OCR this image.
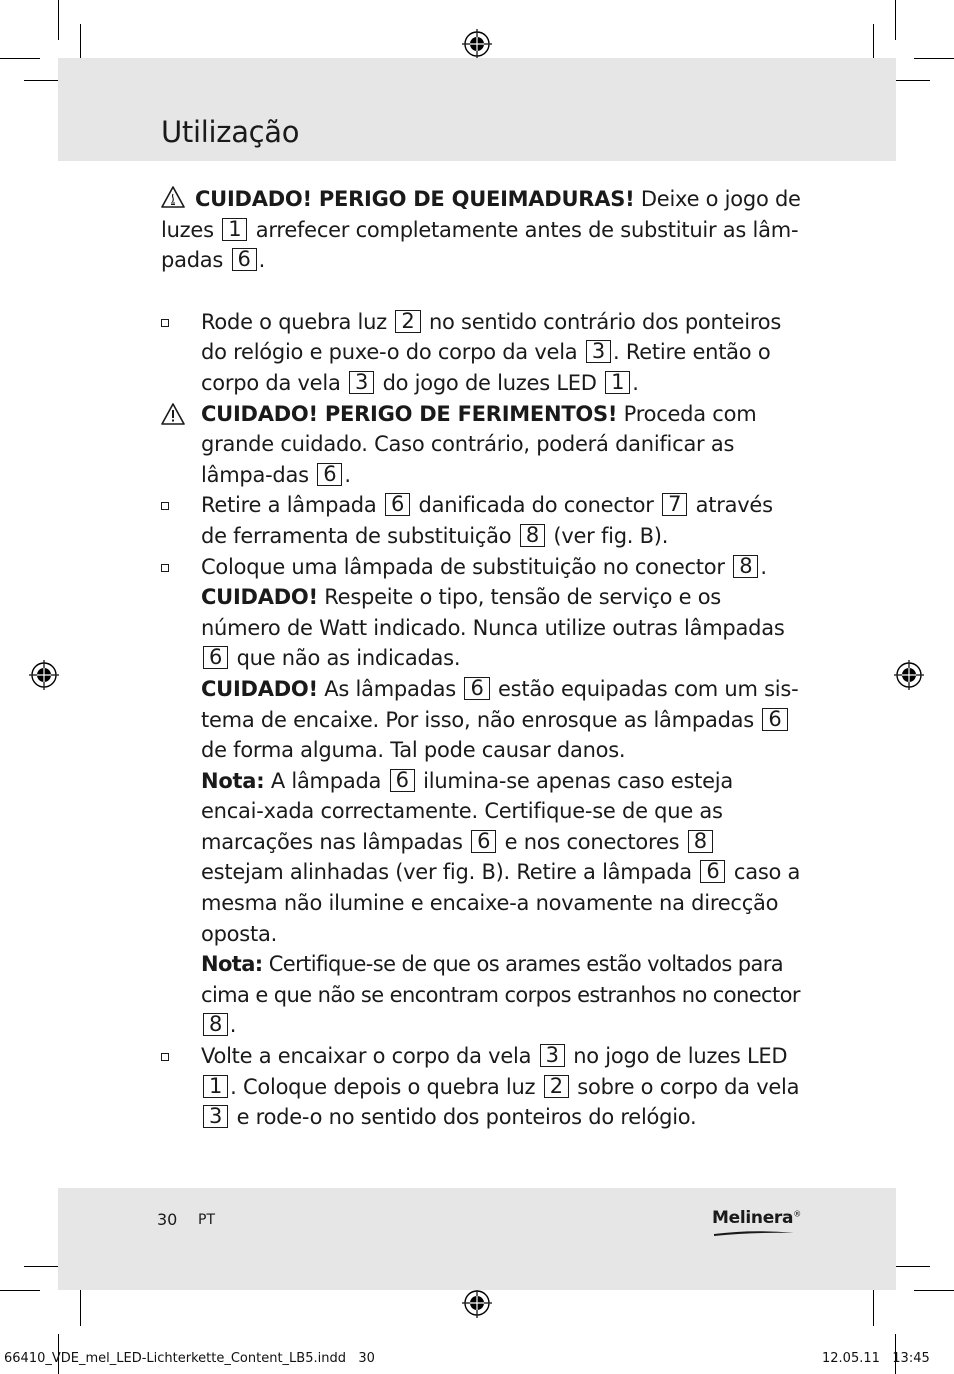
Utilização

CUIDADO! PERIGO DE QUEIMADURAS! Deixe o jogo de luzes 1 arrefecer completamente antes de substituir as lâm-padas 6 .

Rode o quebra luz 2 no sentido contrário dos ponteiros do relógio e puxe-o do corpo da vela 3 . Retire então o corpo da vela 3 do jogo de luzes LED 1 .

CUIDADO! PERIGO DE FERIMENTOS! Proceda com grande cuidado. Caso contrário, poderá danificar as lâmpa-das 6 .

Retire a lâmpada 6 danificada do conector 7 através de ferramenta de substituição 8 (ver fig. B).

Coloque uma lâmpada de substituição no conector 8 .

CUIDADO! Respeite o tipo, tensão de serviço e os número de Watt indicado. Nunca utilize outras lâmpadas 6 que não as indicadas.

CUIDADO! As lâmpadas 6 estão equipadas com um sis-tema de encaixe. Por isso, não enrosque as lâmpadas 6 de forma alguma. Tal pode causar danos.

Nota: A lâmpada 6 ilumina-se apenas caso esteja encai-xada correctamente. Certifique-se de que as marcações nas lâmpadas 6 e nos conectores 8 estejam alinhadas (ver fig. B). Retire a lâmpada 6 caso a mesma não ilumine e encaixe-a novamente na direcção oposta.

Nota: Certifique-se de que os arames estão voltados para cima e que não se encontram corpos estranhos no conector 8 .

Volte a encaixar o corpo da vela 3 no jogo de luzes LED 1 . Coloque depois o quebra luz 2 sobre o corpo da vela 3 e rode-o no sentido dos ponteiros do relógio.

30 PT	Melinera®
66410_VDE_mel_LED-Lichterkette_Content_LB5.indd   30	12.05.11   13:45
